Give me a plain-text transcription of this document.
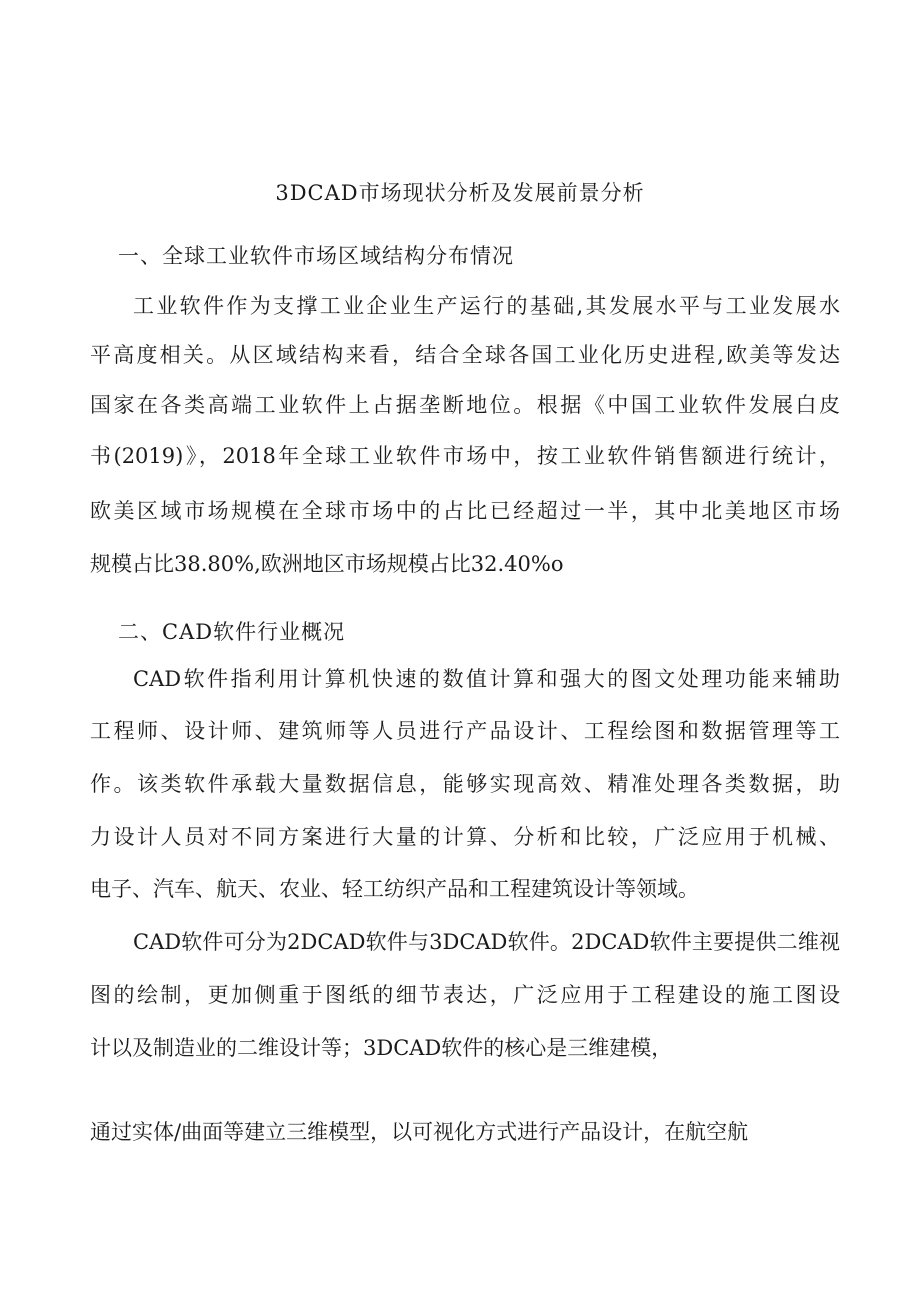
3DCAD市场现状分析及发展前景分析
一、全球工业软件市场区域结构分布情况
工业软件作为支撑工业企业生产运行的基础,其发展水平与工业发展水
平高度相关。从区域结构来看，结合全球各国工业化历史进程,欧美等发达
国家在各类高端工业软件上占据垄断地位。根据《中国工业软件发展白皮
书(2019)》，2018年全球工业软件市场中，按工业软件销售额进行统计，
欧美区域市场规模在全球市场中的占比已经超过一半，其中北美地区市场
规模占比38.80%,欧洲地区市场规模占比32.40%o
二、CAD软件行业概况
CAD软件指利用计算机快速的数值计算和强大的图文处理功能来辅助
工程师、设计师、建筑师等人员进行产品设计、工程绘图和数据管理等工
作。该类软件承载大量数据信息，能够实现高效、精准处理各类数据，助
力设计人员对不同方案进行大量的计算、分析和比较，广泛应用于机械、
电子、汽车、航天、农业、轻工纺织产品和工程建筑设计等领域。
CAD软件可分为2DCAD软件与3DCAD软件。2DCAD软件主要提供二维视
图的绘制，更加侧重于图纸的细节表达，广泛应用于工程建设的施工图设
计以及制造业的二维设计等；3DCAD软件的核心是三维建模，
通过实体/曲面等建立三维模型，以可视化方式进行产品设计，在航空航
